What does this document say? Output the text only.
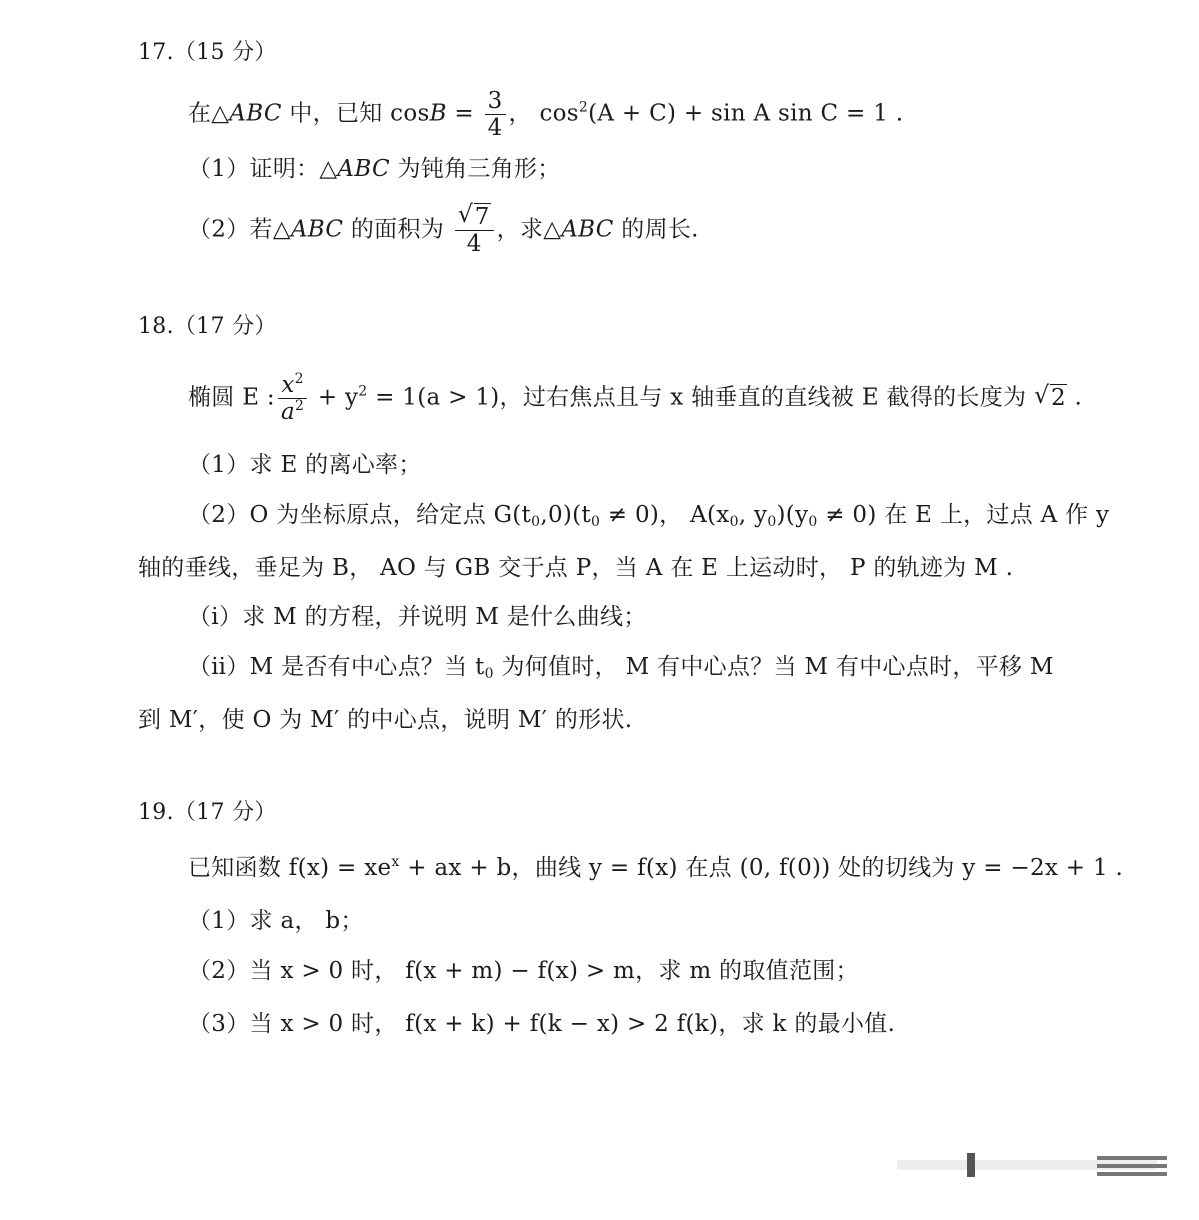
17.（15 分）
在△ABC 中，已知 $\cos B = \frac{3}{4}$ ， $\cos^2(A + C) + \sin A$ sin C = 1 .
（1）证明：△ABC 为钝角三角形；
（2）若△ABC 的面积为 $\frac{√ 7}{4}$ ，求△ABC 的周长.
18.（17 分）
椭圆 E : $\frac{x^2}{a^2} + y^2 = 1(a > 1)$，过右焦点且与 x 轴垂直的直线被 E 截得的长度为 √ 2 .
（1）求 E 的离心率；
（2）O 为坐标原点，给定点 $G(t_0,0)(t_0 \ne 0)$， $A(x_0$, $y_0)(y_0 \ne 0)$ 在 E 上，过点 A 作 y
轴的垂线，垂足为 B， AO 与 GB 交于点 P，当 A 在 E 上运动时， P 的轨迹为 M .
（ⅰ）求 M 的方程，并说明 M 是什么曲线；
（ⅱ）M 是否有中心点？当 $t_0$ 为何值时， M 有中心点？当 M 有中心点时，平移 M
到 M′，使 O 为 M′ 的中心点，说明 M′ 的形状.
19.（17 分）
已知函数 $f(x) = xe^x$ + ax + b，曲线 y = f(x) 在点 (0, f(0)) 处的切线为 y = −2x + 1 .
（1）求 a， b；
（2）当 x > 0 时， f(x + m) − f(x) > m，求 m 的取值范围；
（3）当 x > 0 时， f(x + k) + f(k − x) > 2 f(k)，求 k 的最小值.
